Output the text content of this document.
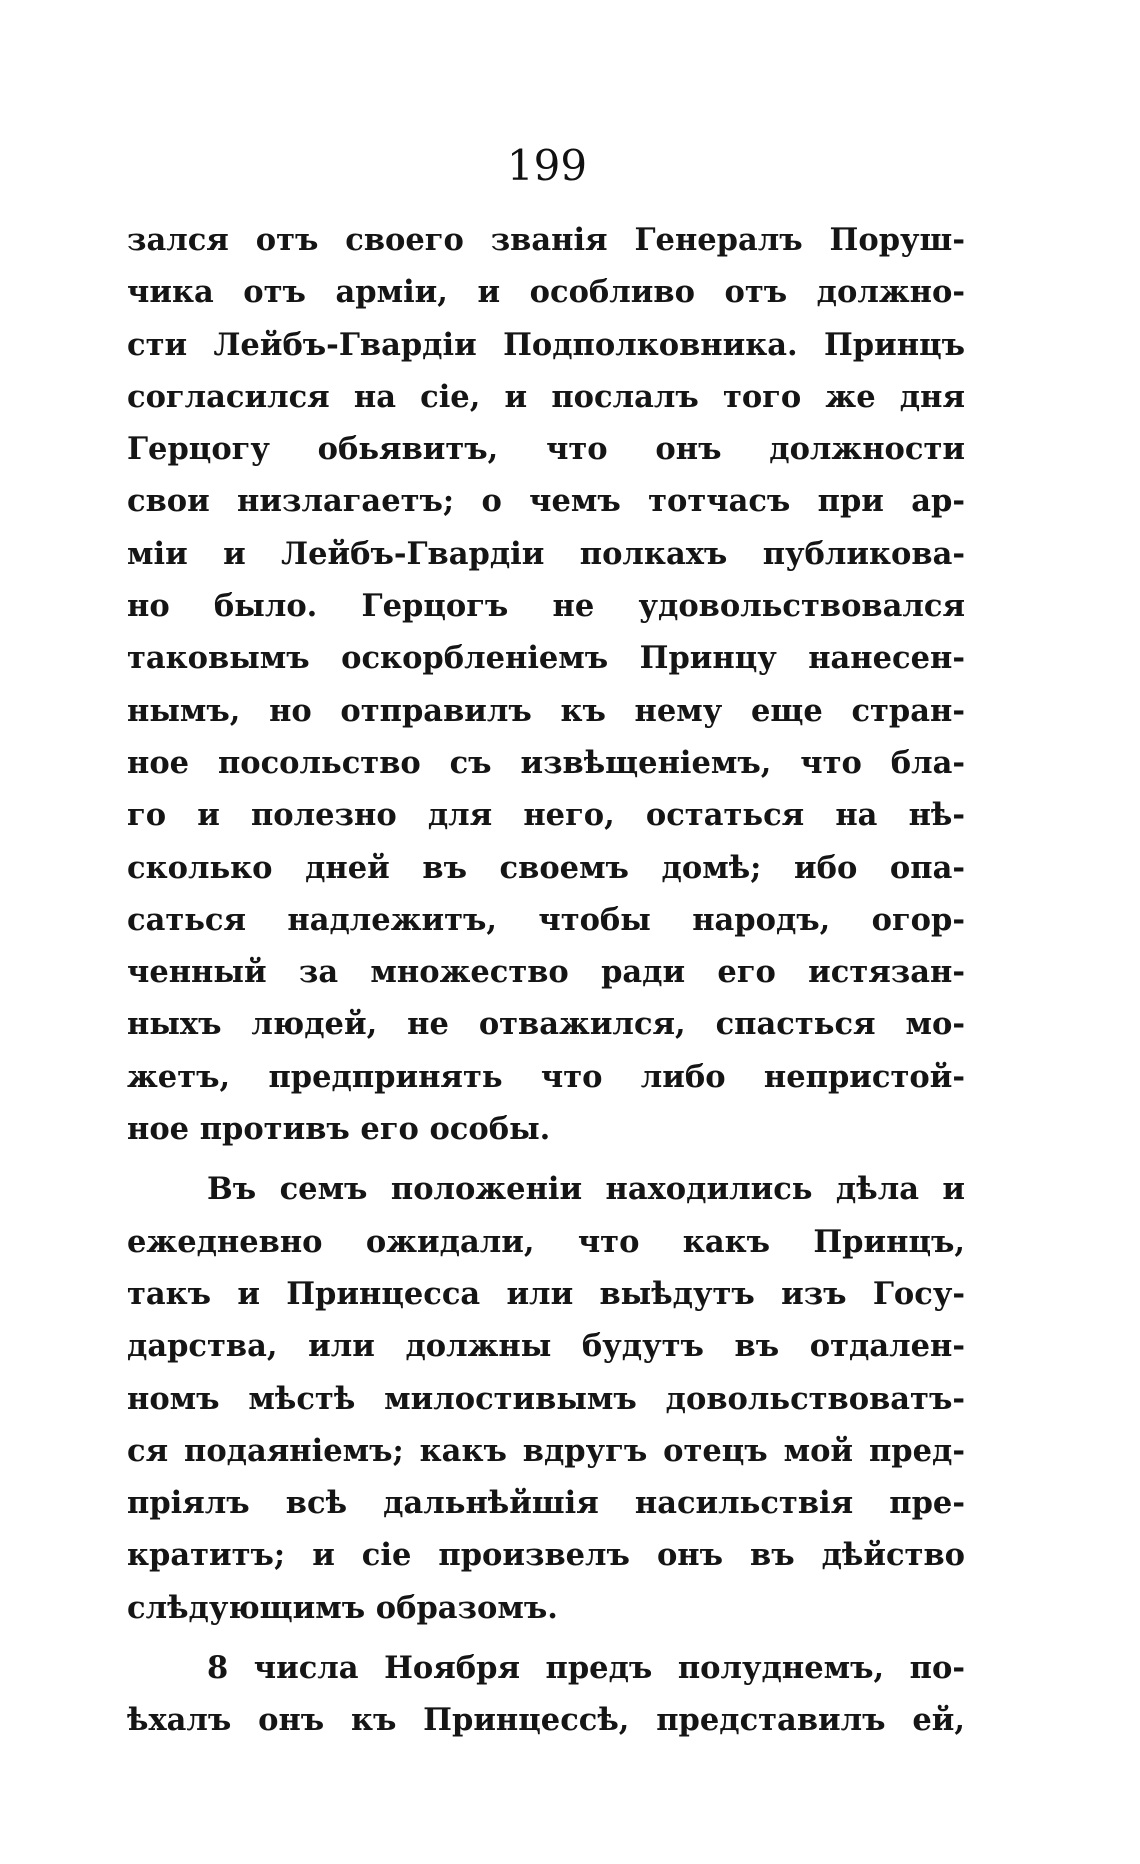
199
зался отъ своего званія Генералъ Поруш-
чика отъ арміи, и особливо отъ должно-
сти Лейбъ-Гвардіи Подполковника. Принцъ
согласился на сіе, и послалъ того же дня
Герцогу обьявитъ, что онъ должности
свои низлагаетъ; о чемъ тотчасъ при ар-
міи и Лейбъ-Гвардіи полкахъ публикова-
но было. Герцогъ не удовольствовался
таковымъ оскорбленіемъ Принцу нанесен-
нымъ, но отправилъ къ нему еще стран-
ное посольство съ извѣщеніемъ, что бла-
го и полезно для него, остаться на нѣ-
сколько дней въ своемъ домѣ; ибо опа-
саться надлежитъ, чтобы народъ, огор-
ченный за множество ради его истязан-
ныхъ людей, не отважился, спасться мо-
жетъ, предпринять что либо непристой-
ное противъ его особы.
Въ семъ положеніи находились дѣла и
ежедневно ожидали, что какъ Принцъ,
такъ и Принцесса или выѣдутъ изъ Госу-
дарства, или должны будутъ въ отдален-
номъ мѣстѣ милостивымъ довольствоватъ-
ся подаяніемъ; какъ вдругъ отецъ мой пред-
пріялъ всѣ дальнѣйшія насильствія пре-
кратитъ; и сіе произвелъ онъ въ дѣйство
слѣдующимъ образомъ.
8 числа Ноября предъ полуднемъ, по-
ѣхалъ онъ къ Принцессѣ, представилъ ей,
